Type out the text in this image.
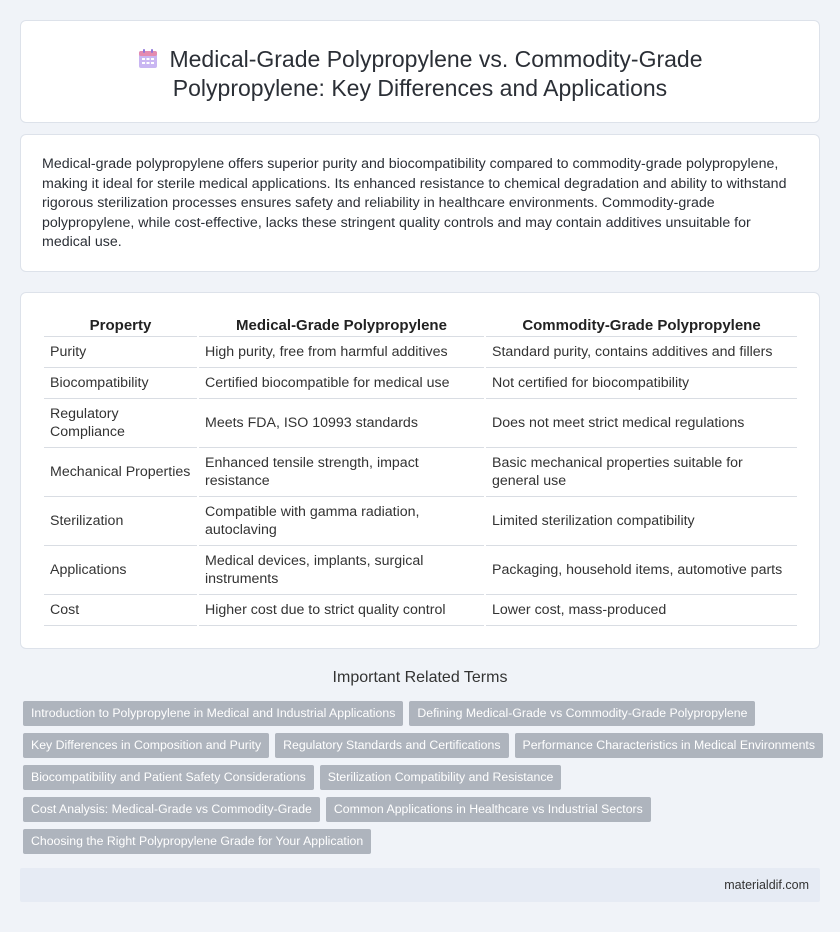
Medical-Grade Polypropylene vs. Commodity-Grade
Polypropylene: Key Differences and Applications

Medical-grade polypropylene offers superior purity and biocompatibility compared to commodity-grade polypropylene, making it ideal for sterile medical applications. Its enhanced resistance to chemical degradation and ability to withstand rigorous sterilization processes ensures safety and reliability in healthcare environments. Commodity-grade polypropylene, while cost-effective, lacks these stringent quality controls and may contain additives unsuitable for medical use.

Property	Medical-Grade Polypropylene	Commodity-Grade Polypropylene
Purity	High purity, free from harmful additives	Standard purity, contains additives and fillers
Biocompatibility	Certified biocompatible for medical use	Not certified for biocompatibility
Regulatory Compliance	Meets FDA, ISO 10993 standards	Does not meet strict medical regulations
Mechanical Properties	Enhanced tensile strength, impact resistance	Basic mechanical properties suitable for general use
Sterilization	Compatible with gamma radiation, autoclaving	Limited sterilization compatibility
Applications	Medical devices, implants, surgical instruments	Packaging, household items, automotive parts
Cost	Higher cost due to strict quality control	Lower cost, mass-produced
Important Related Terms
Introduction to Polypropylene in Medical and Industrial Applications Defining Medical-Grade vs Commodity-Grade Polypropylene
Key Differences in Composition and Purity Regulatory Standards and Certifications Performance Characteristics in Medical Environments
Biocompatibility and Patient Safety Considerations Sterilization Compatibility and Resistance
Cost Analysis: Medical-Grade vs Commodity-Grade Common Applications in Healthcare vs Industrial Sectors
Choosing the Right Polypropylene Grade for Your Application
materialdif.com
